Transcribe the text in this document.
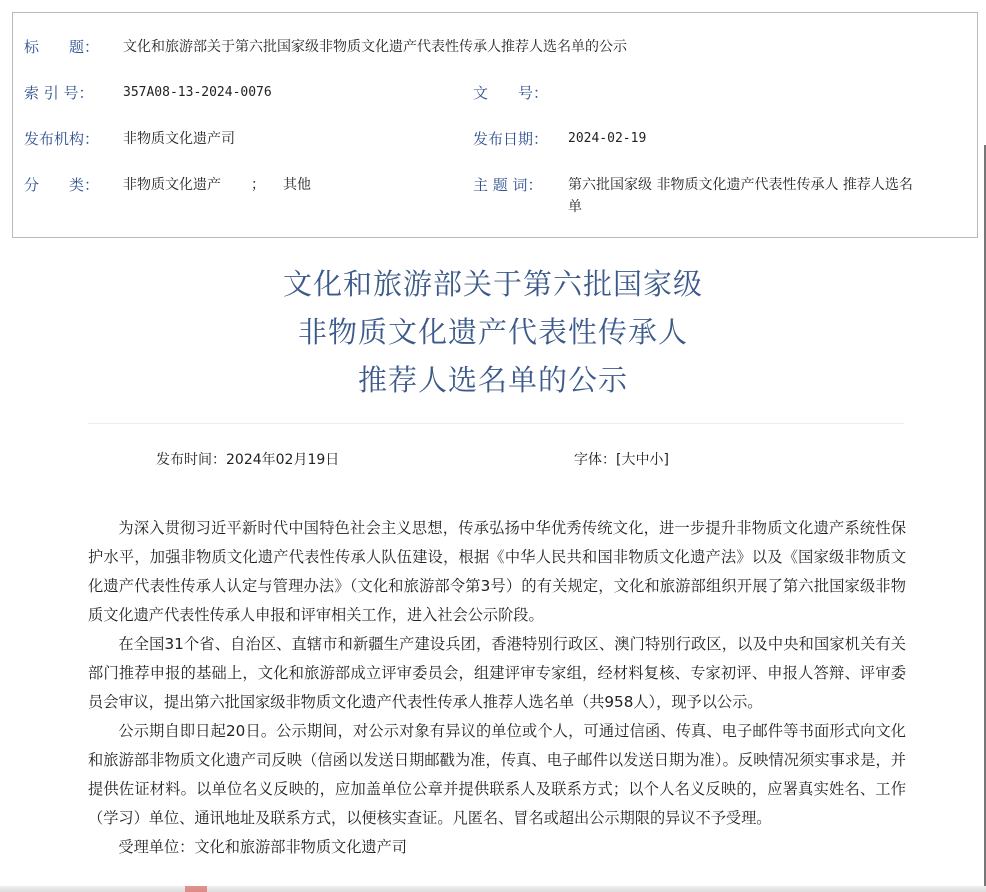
标　　题： 文化和旅游部关于第六批国家级非物质文化遗产代表性传承人推荐人选名单的公示
索 引 号： 357A08-13-2024-0076	文　　号：
发布机构： 非物质文化遗产司	发布日期： 2024-02-19
分　　类： 非物质文化遗产 ； 其他	主 题 词： 第六批国家级 非物质文化遗产代表性传承人 推荐人选名单
文化和旅游部关于第六批国家级
非物质文化遗产代表性传承人
推荐人选名单的公示
发布时间：2024年02月19日	字体：[大中小]

为深入贯彻习近平新时代中国特色社会主义思想，传承弘扬中华优秀传统文化，进一步提升非物质文化遗产系统性保护水平，加强非物质文化遗产代表性传承人队伍建设，根据《中华人民共和国非物质文化遗产法》以及《国家级非物质文化遗产代表性传承人认定与管理办法》（文化和旅游部令第3号）的有关规定，文化和旅游部组织开展了第六批国家级非物质文化遗产代表性传承人申报和评审相关工作，进入社会公示阶段。

在全国31个省、自治区、直辖市和新疆生产建设兵团，香港特别行政区、澳门特别行政区，以及中央和国家机关有关部门推荐申报的基础上，文化和旅游部成立评审委员会，组建评审专家组，经材料复核、专家初评、申报人答辩、评审委员会审议，提出第六批国家级非物质文化遗产代表性传承人推荐人选名单（共958人），现予以公示。

公示期自即日起20日。公示期间，对公示对象有异议的单位或个人，可通过信函、传真、电子邮件等书面形式向文化和旅游部非物质文化遗产司反映（信函以发送日期邮戳为准，传真、电子邮件以发送日期为准）。反映情况须实事求是，并提供佐证材料。以单位名义反映的，应加盖单位公章并提供联系人及联系方式；以个人名义反映的，应署真实姓名、工作（学习）单位、通讯地址及联系方式，以便核实查证。凡匿名、冒名或超出公示期限的异议不予受理。

受理单位：文化和旅游部非物质文化遗产司
